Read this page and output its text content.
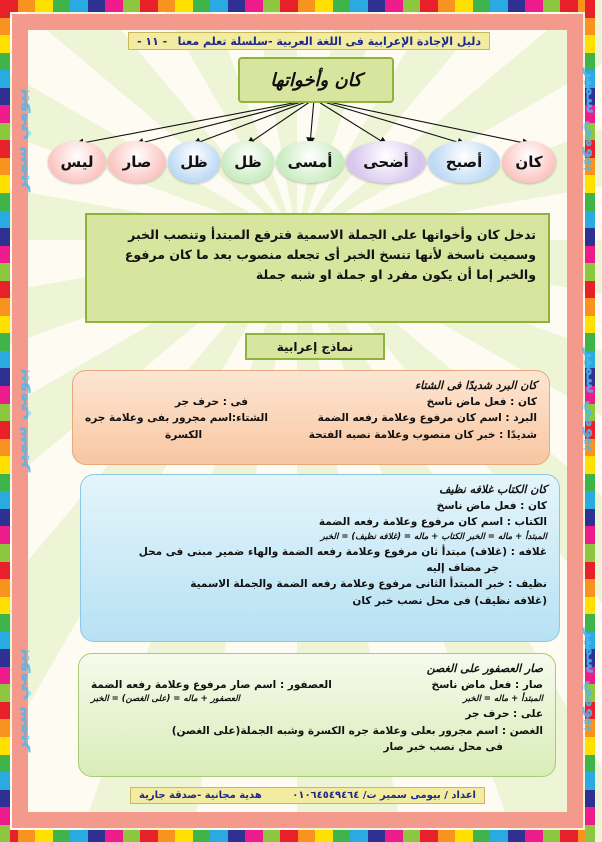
بيومي سمير
بيومي سمير
بيومي سمير
بيومي سمير
بيومي سمير
بيومي سمير
- ١١ - دليل الإجادة الإعرابية فى اللغة العربية -سلسلة تعلم معنا
كان وأخواتها
كان
أصبح
أضحى
أمسى
ظل
ظل
صار
ليس

تدخل كان وأخواتها على الجملة الاسمية فترفع المبتدأ وتنصب الخبر

وسميت ناسخة لأنها تنسخ الخبر أى تجعله منصوب بعد ما كان مرفوع

والخبر إما أن يكون مفرد او جملة او شبه جملة

نماذج إعرابية

كان البرد شديدًا فى الشتاء

كان : فعل ماض ناسخ
فى : حرف جر
البرد : اسم كان مرفوع وعلامة رفعه الضمة
الشتاء:اسم مجرور بفى وعلامة جره
شديدًا : خبر كان منصوب وعلامة نصبه الفتحة
الكسرة

كان الكتاب غلافه نظيف

كان : فعل ماض ناسخ

الكتاب : اسم كان مرفوع وعلامة رفعه الضمة

المبتدأ + ماله = الخبر الكتاب + ماله = (غلافه نظيف) = الخبر

غلافه : (غلاف) مبتدأ ثان مرفوع وعلامة رفعه الضمة والهاء ضمير مبنى فى محل

جر مضاف إليه

نظيف : خبر المبتدأ الثانى مرفوع وعلامة رفعه الضمة والجملة الاسمية

(غلافه نظيف) فى محل نصب خبر كان

صار العصفور على الغصن

صار : فعل ماض ناسخ
العصفور : اسم صار مرفوع وعلامة رفعه الضمة
المبتدأ + ماله = الخبر
العصفور + ماله = (على الغصن) = الخبر

على : حرف جر

الغصن : اسم مجرور بعلى وعلامة جره الكسرة وشبه الجملة(على الغصن)

فى محل نصب خبر صار

هدية مجانية -صدقة جارية	اعداد / بيومى سمير ت/ ٠١٠٦٤٥٤٩٤٦٤
